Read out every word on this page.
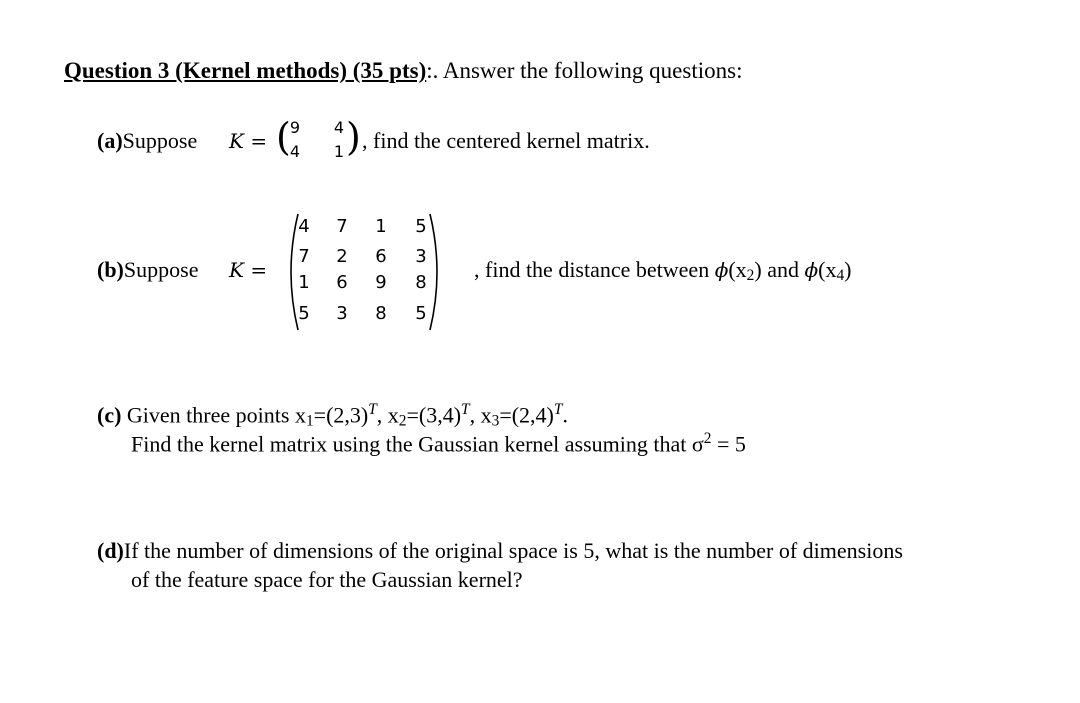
Question 3 (Kernel methods) (35 pts):. Answer the following questions:
(a)Suppose K = ( 9 4
4 1 ) , find the centered kernel matrix.
(b)Suppose K =
4 7 1 5
7 2 6 3
1 6 9 8
5 3 8 5
, find the distance between ϕ(x2) and ϕ(x4)
(c) Given three points $x1=(2,3)^T$, $x2=(3,4)^T$, $x3=(2,4)^T$.
Find the kernel matrix using the Gaussian kernel assuming that $\sigma^2 = 5$
(d)If the number of dimensions of the original space is 5, what is the number of dimensions
of the feature space for the Gaussian kernel?
